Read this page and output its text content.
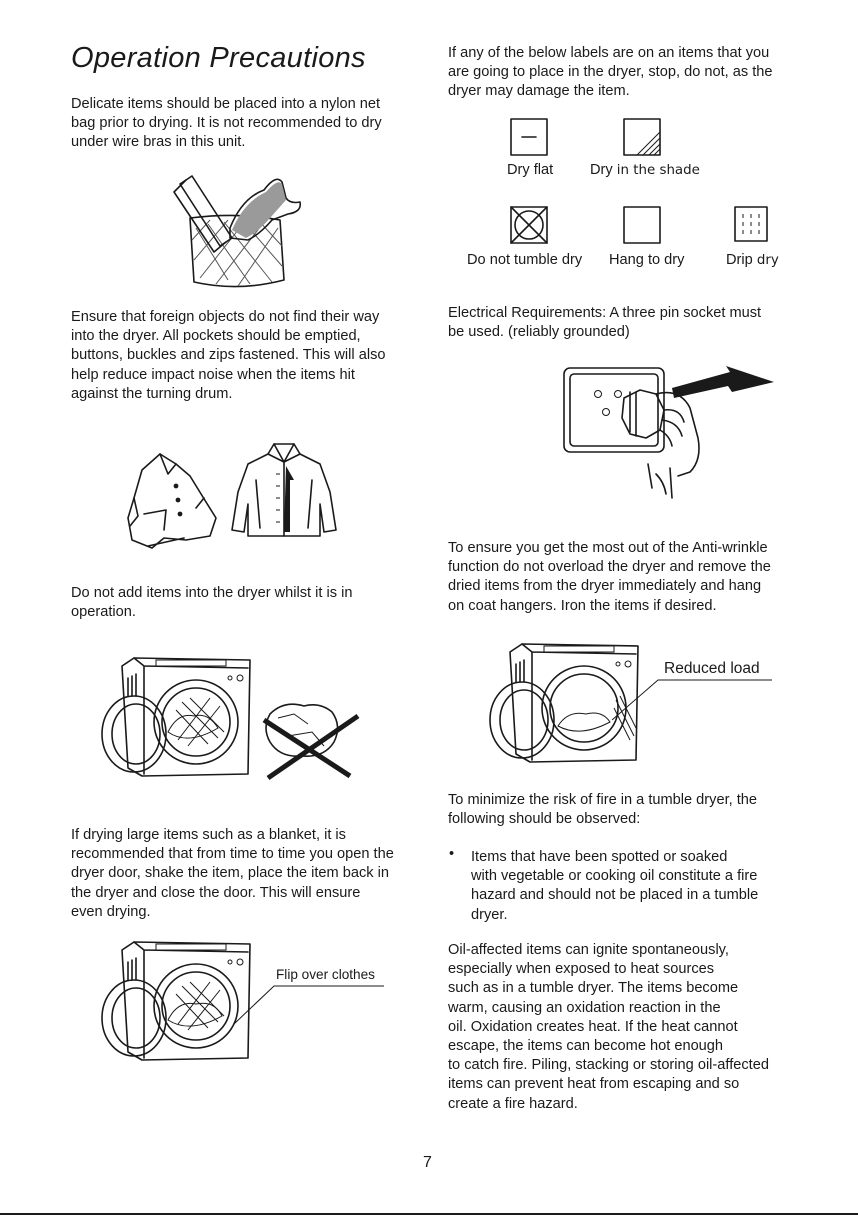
Operation Precautions

Delicate items should be placed into a nylon net
bag prior to drying. It is not recommended to dry
under wire bras in this unit.

Ensure that foreign objects do not find their way
into the dryer. All pockets should be emptied,
buttons, buckles and zips fastened. This will also
help reduce impact noise when the items hit
against the turning drum.

Do not add items into the dryer whilst it is in
operation.

If drying large items such as a blanket, it is
recommended that from time to time you open the
dryer door, shake the item, place the item back in
the dryer and close the door. This will ensure
even drying.

Flip over clothes

If any of the below labels are on an items that you
are going to place in the dryer, stop, do not, as the
dryer may damage the item.

Dry flat	Dry in the shade
Do not tumble dry Hang to dry	Drip dry

Electrical Requirements: A three pin socket must
be used. (reliably grounded)

To ensure you get the most out of the Anti-wrinkle
function do not overload the dryer and remove the
dried items from the dryer immediately and hang
on coat hangers. Iron the items if desired.

Reduced load

To minimize the risk of fire in a tumble dryer, the
following should be observed:

• Items that have been spotted or soaked
with vegetable or cooking oil constitute a fire
hazard and should not be placed in a tumble
dryer.

Oil-affected items can ignite spontaneously,
especially when exposed to heat sources
such as in a tumble dryer. The items become
warm, causing an oxidation reaction in the
oil. Oxidation creates heat. If the heat cannot
escape, the items can become hot enough
to catch fire. Piling, stacking or storing oil-affected
items can prevent heat from escaping and so
create a fire hazard.

7
